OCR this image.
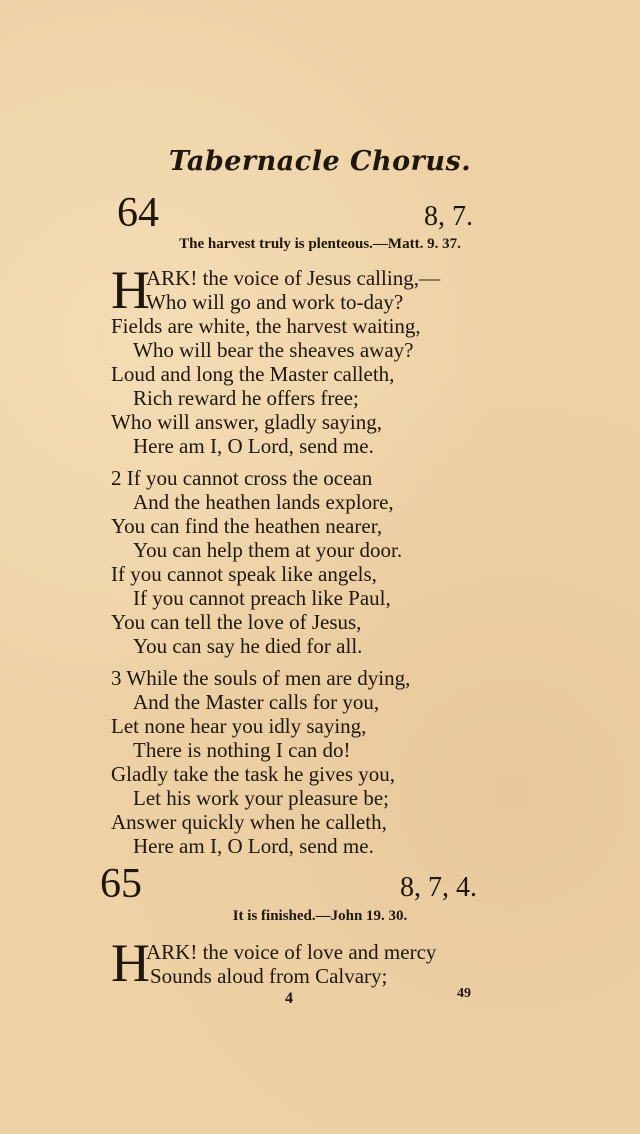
Tabernacle Chorus.
64	8, 7.
The harvest truly is plenteous.—Matt. 9. 37.
H
ARK! the voice of Jesus calling,—
Who will go and work to-day?
Fields are white, the harvest waiting,
Who will bear the sheaves away?
Loud and long the Master calleth,
Rich reward he offers free;
Who will answer, gladly saying,
Here am I, O Lord, send me.
2 If you cannot cross the ocean
And the heathen lands explore,
You can find the heathen nearer,
You can help them at your door.
If you cannot speak like angels,
If you cannot preach like Paul,
You can tell the love of Jesus,
You can say he died for all.
3 While the souls of men are dying,
And the Master calls for you,
Let none hear you idly saying,
There is nothing I can do!
Gladly take the task he gives you,
Let his work your pleasure be;
Answer quickly when he calleth,
Here am I, O Lord, send me.
65	8, 7, 4.
It is finished.—John 19. 30.
H
ARK! the voice of love and mercy
Sounds aloud from Calvary;
4	49
